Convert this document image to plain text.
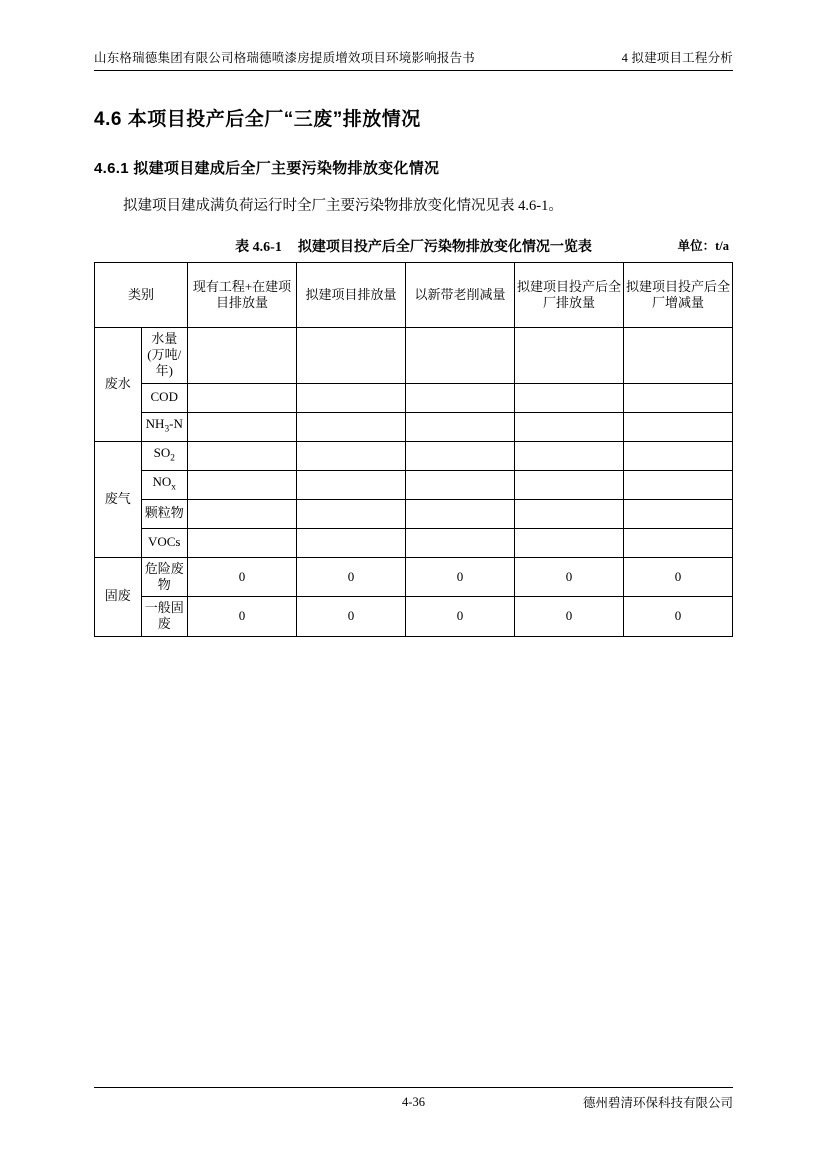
山东格瑞德集团有限公司格瑞德喷漆房提质增效项目环境影响报告书	4 拟建项目工程分析
4.6 本项目投产后全厂“三废”排放情况
4.6.1 拟建项目建成后全厂主要污染物排放变化情况

拟建项目建成满负荷运行时全厂主要污染物排放变化情况见表 4.6-1。

表 4.6-1 拟建项目投产后全厂污染物排放变化情况一览表	单位：t/a
类别		现有工程+在建项目排放量	拟建项目排放量	以新带老削减量	拟建项目投产后全厂排放量	拟建项目投产后全厂增减量
废水	水量(万吨/年)					
	COD					
	$NH_3-N$					
废气	$SO_2$					
	$NO_x$					
	颗粒物					
	VOCs					
固废	危险废物	0	0	0	0	0
	一般固废	0	0	0	0	0
4-36	德州碧清环保科技有限公司
